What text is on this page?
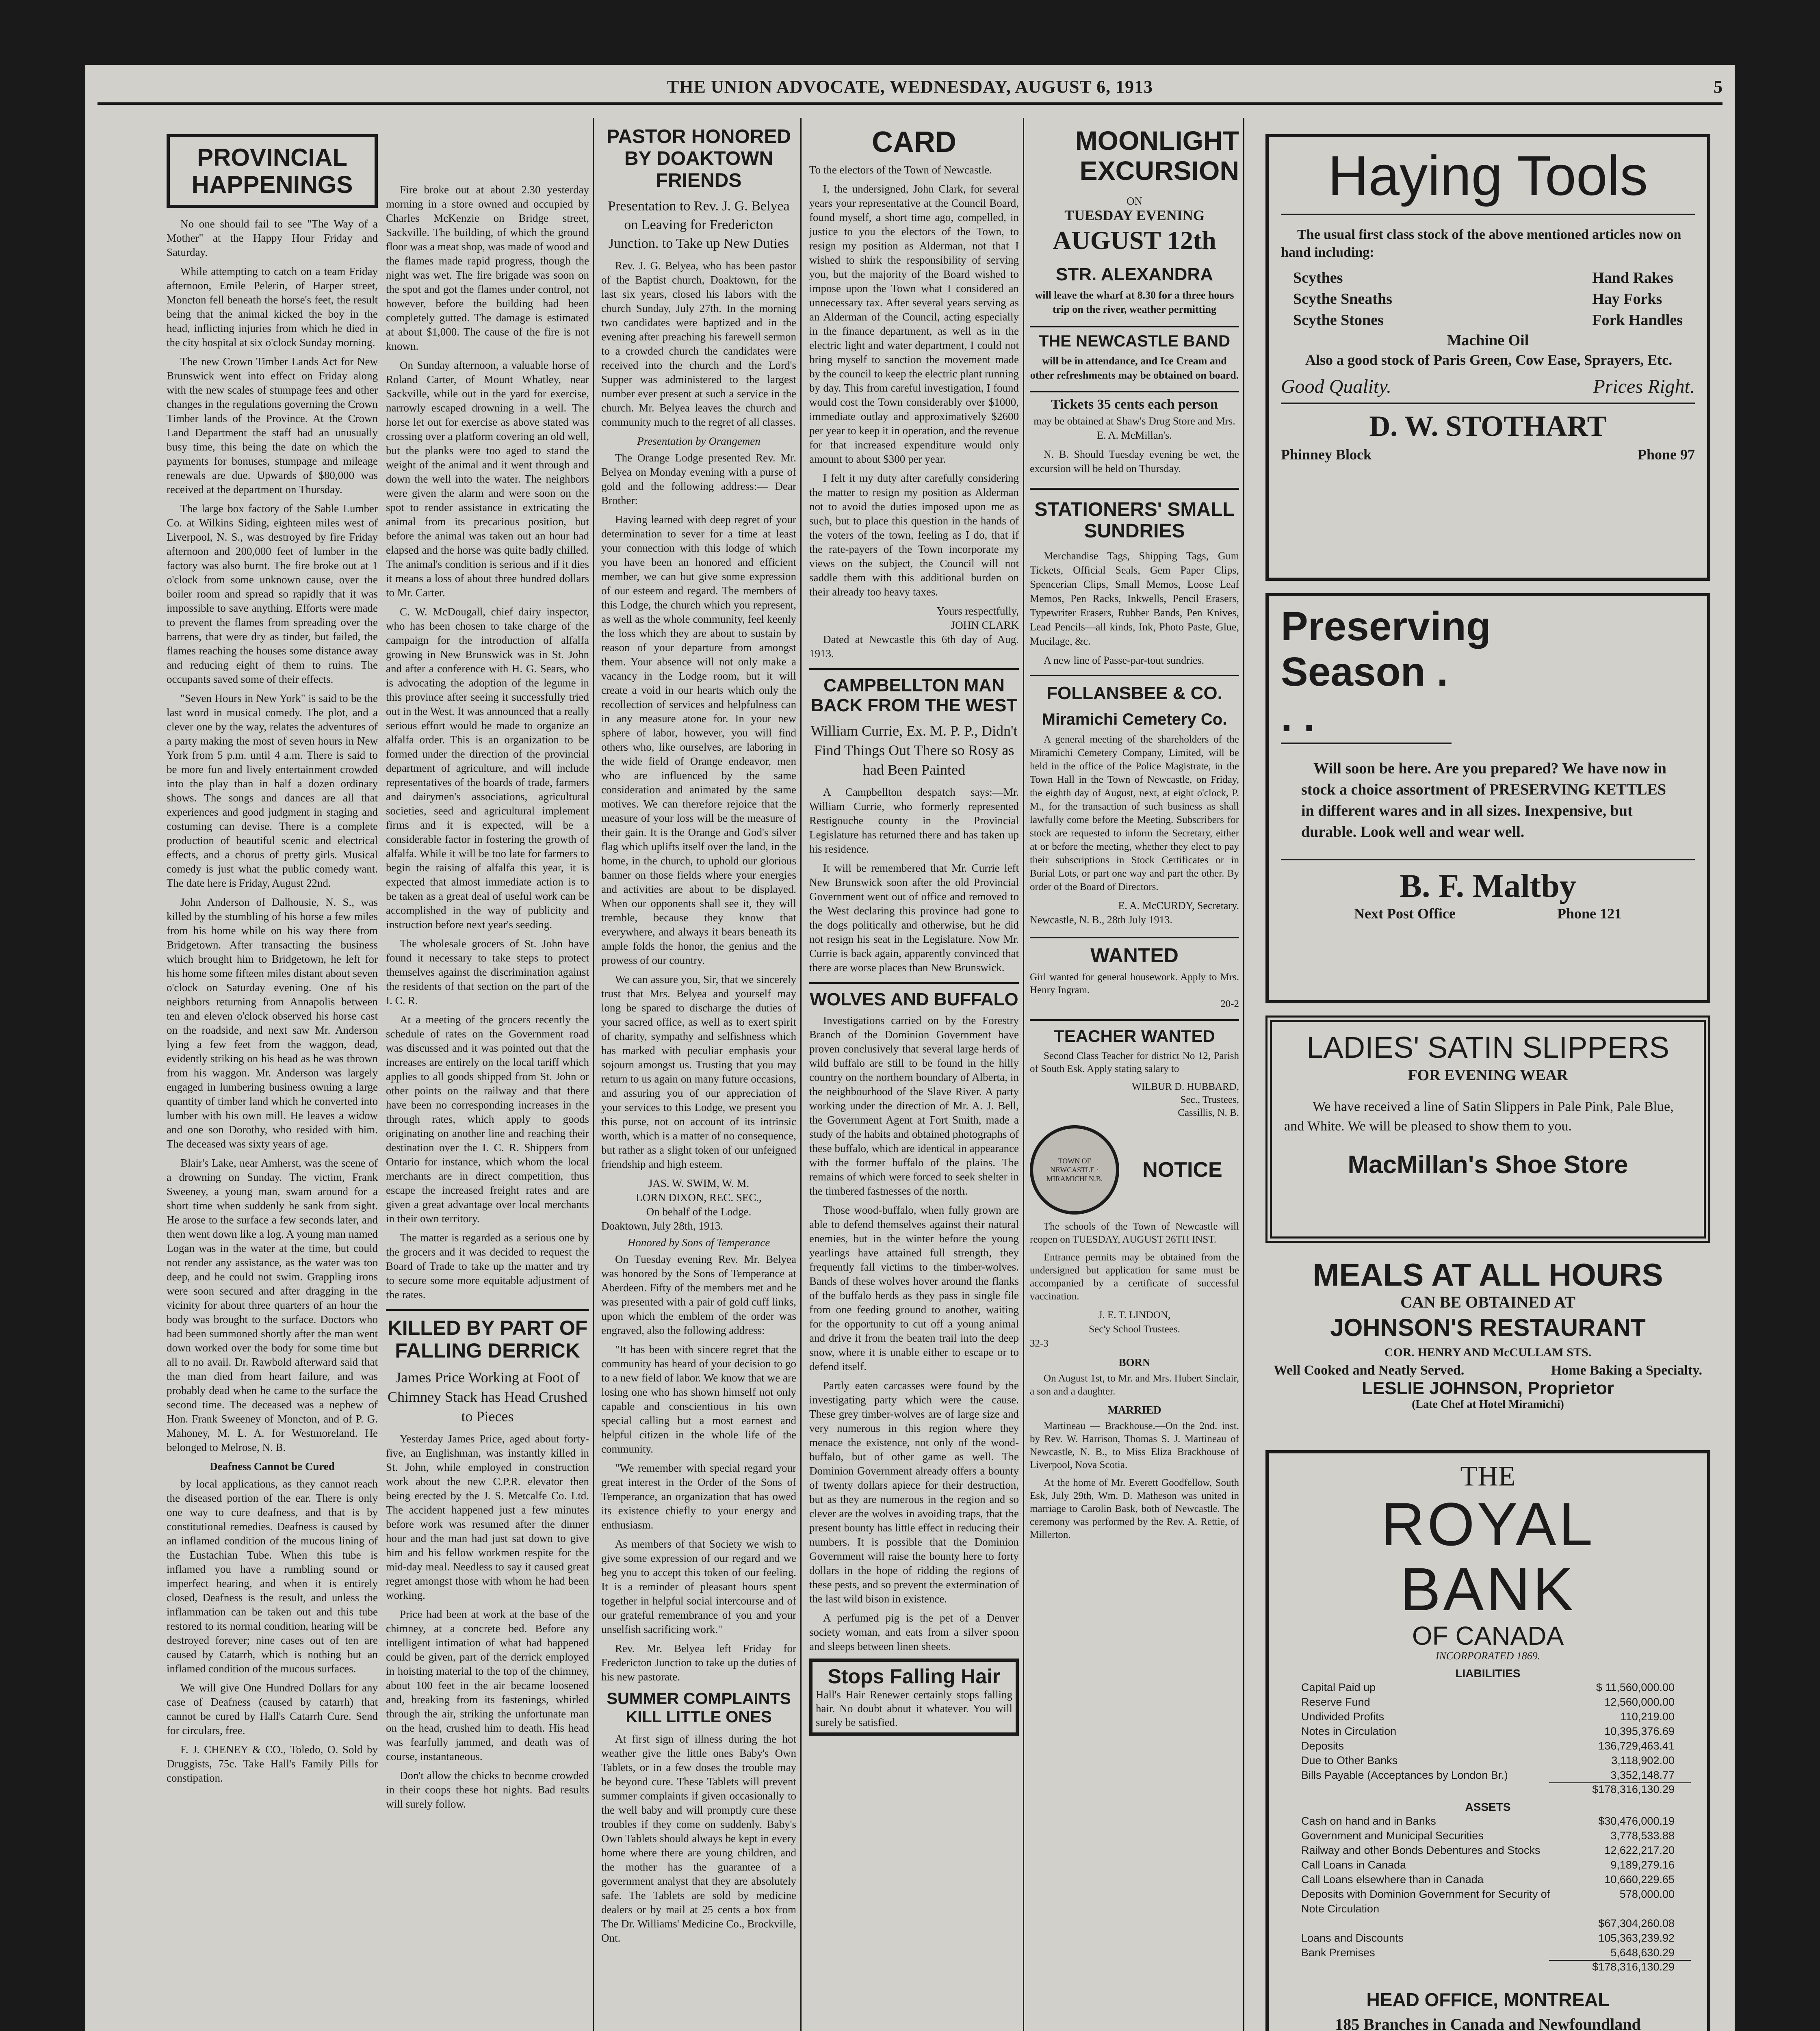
THE UNION ADVOCATE, WEDNESDAY, AUGUST 6, 1913	5
PROVINCIAL HAPPENINGS

No one should fail to see "The Way of a Mother" at the Happy Hour Friday and Saturday.

While attempting to catch on a team Friday afternoon, Emile Pelerin, of Harper street, Moncton fell beneath the horse's feet, the result being that the animal kicked the boy in the head, inflicting injuries from which he died in the city hospital at six o'clock Sunday morning.

The new Crown Timber Lands Act for New Brunswick went into effect on Friday along with the new scales of stumpage fees and other changes in the regulations governing the Crown Timber lands of the Province. At the Crown Land Department the staff had an unusually busy time, this being the date on which the payments for bonuses, stumpage and mileage renewals are due. Upwards of $80,000 was received at the department on Thursday.

The large box factory of the Sable Lumber Co. at Wilkins Siding, eighteen miles west of Liverpool, N. S., was destroyed by fire Friday afternoon and 200,000 feet of lumber in the factory was also burnt. The fire broke out at 1 o'clock from some unknown cause, over the boiler room and spread so rapidly that it was impossible to save anything. Efforts were made to prevent the flames from spreading over the barrens, that were dry as tinder, but failed, the flames reaching the houses some distance away and reducing eight of them to ruins. The occupants saved some of their effects.

"Seven Hours in New York" is said to be the last word in musical comedy. The plot, and a clever one by the way, relates the adventures of a party making the most of seven hours in New York from 5 p.m. until 4 a.m. There is said to be more fun and lively entertainment crowded into the play than in half a dozen ordinary shows. The songs and dances are all that experiences and good judgment in staging and costuming can devise. There is a complete production of beautiful scenic and electrical effects, and a chorus of pretty girls. Musical comedy is just what the public comedy want. The date here is Friday, August 22nd.

John Anderson of Dalhousie, N. S., was killed by the stumbling of his horse a few miles from his home while on his way there from Bridgetown. After transacting the business which brought him to Bridgetown, he left for his home some fifteen miles distant about seven o'clock on Saturday evening. One of his neighbors returning from Annapolis between ten and eleven o'clock observed his horse cast on the roadside, and next saw Mr. Anderson lying a few feet from the waggon, dead, evidently striking on his head as he was thrown from his waggon. Mr. Anderson was largely engaged in lumbering business owning a large quantity of timber land which he converted into lumber with his own mill. He leaves a widow and one son Dorothy, who resided with him. The deceased was sixty years of age.

Blair's Lake, near Amherst, was the scene of a drowning on Sunday. The victim, Frank Sweeney, a young man, swam around for a short time when suddenly he sank from sight. He arose to the surface a few seconds later, and then went down like a log. A young man named Logan was in the water at the time, but could not render any assistance, as the water was too deep, and he could not swim. Grappling irons were soon secured and after dragging in the vicinity for about three quarters of an hour the body was brought to the surface. Doctors who had been summoned shortly after the man went down worked over the body for some time but all to no avail. Dr. Rawbold afterward said that the man died from heart failure, and was probably dead when he came to the surface the second time. The deceased was a nephew of Hon. Frank Sweeney of Moncton, and of P. G. Mahoney, M. L. A. for Westmoreland. He belonged to Melrose, N. B.

Deafness Cannot be Cured

by local applications, as they cannot reach the diseased portion of the ear. There is only one way to cure deafness, and that is by constitutional remedies. Deafness is caused by an inflamed condition of the mucous lining of the Eustachian Tube. When this tube is inflamed you have a rumbling sound or imperfect hearing, and when it is entirely closed, Deafness is the result, and unless the inflammation can be taken out and this tube restored to its normal condition, hearing will be destroyed forever; nine cases out of ten are caused by Catarrh, which is nothing but an inflamed condition of the mucous surfaces.

We will give One Hundred Dollars for any case of Deafness (caused by catarrh) that cannot be cured by Hall's Catarrh Cure. Send for circulars, free.

F. J. CHENEY & CO., Toledo, O. Sold by Druggists, 75c. Take Hall's Family Pills for constipation.

Fire broke out at about 2.30 yesterday morning in a store owned and occupied by Charles McKenzie on Bridge street, Sackville. The building, of which the ground floor was a meat shop, was made of wood and the flames made rapid progress, though the night was wet. The fire brigade was soon on the spot and got the flames under control, not however, before the building had been completely gutted. The damage is estimated at about $1,000. The cause of the fire is not known.

On Sunday afternoon, a valuable horse of Roland Carter, of Mount Whatley, near Sackville, while out in the yard for exercise, narrowly escaped drowning in a well. The horse let out for exercise as above stated was crossing over a platform covering an old well, but the planks were too aged to stand the weight of the animal and it went through and down the well into the water. The neighbors were given the alarm and were soon on the spot to render assistance in extricating the animal from its precarious position, but before the animal was taken out an hour had elapsed and the horse was quite badly chilled. The animal's condition is serious and if it dies it means a loss of about three hundred dollars to Mr. Carter.

C. W. McDougall, chief dairy inspector, who has been chosen to take charge of the campaign for the introduction of alfalfa growing in New Brunswick was in St. John and after a conference with H. G. Sears, who is advocating the adoption of the legume in this province after seeing it successfully tried out in the West. It was announced that a really serious effort would be made to organize an alfalfa order. This is an organization to be formed under the direction of the provincial department of agriculture, and will include representatives of the boards of trade, farmers and dairymen's associations, agricultural societies, seed and agricultural implement firms and it is expected, will be a considerable factor in fostering the growth of alfalfa. While it will be too late for farmers to begin the raising of alfalfa this year, it is expected that almost immediate action is to be taken as a great deal of useful work can be accomplished in the way of publicity and instruction before next year's seeding.

The wholesale grocers of St. John have found it necessary to take steps to protect themselves against the discrimination against the residents of that section on the part of the I. C. R.

At a meeting of the grocers recently the schedule of rates on the Government road was discussed and it was pointed out that the increases are entirely on the local tariff which applies to all goods shipped from St. John or other points on the railway and that there have been no corresponding increases in the through rates, which apply to goods originating on another line and reaching their destination over the I. C. R. Shippers from Ontario for instance, which whom the local merchants are in direct competition, thus escape the increased freight rates and are given a great advantage over local merchants in their own territory.

The matter is regarded as a serious one by the grocers and it was decided to request the Board of Trade to take up the matter and try to secure some more equitable adjustment of the rates.

KILLED BY PART OF FALLING DERRICK
James Price Working at Foot of Chimney Stack has Head Crushed to Pieces

Yesterday James Price, aged about forty-five, an Englishman, was instantly killed in St. John, while employed in construction work about the new C.P.R. elevator then being erected by the J. S. Metcalfe Co. Ltd. The accident happened just a few minutes before work was resumed after the dinner hour and the man had just sat down to give him and his fellow workmen respite for the mid-day meal. Needless to say it caused great regret amongst those with whom he had been working.

Price had been at work at the base of the chimney, at a concrete bed. Before any intelligent intimation of what had happened could be given, part of the derrick employed in hoisting material to the top of the chimney, about 100 feet in the air became loosened and, breaking from its fastenings, whirled through the air, striking the unfortunate man on the head, crushed him to death. His head was fearfully jammed, and death was of course, instantaneous.

Don't allow the chicks to become crowded in their coops these hot nights. Bad results will surely follow.

PASTOR HONORED BY DOAKTOWN FRIENDS
Presentation to Rev. J. G. Belyea on Leaving for Fredericton Junction. to Take up New Duties

Rev. J. G. Belyea, who has been pastor of the Baptist church, Doaktown, for the last six years, closed his labors with the church Sunday, July 27th. In the morning two candidates were baptized and in the evening after preaching his farewell sermon to a crowded church the candidates were received into the church and the Lord's Supper was administered to the largest number ever present at such a service in the church. Mr. Belyea leaves the church and community much to the regret of all classes.

Presentation by Orangemen

The Orange Lodge presented Rev. Mr. Belyea on Monday evening with a purse of gold and the following address:— Dear Brother:

Having learned with deep regret of your determination to sever for a time at least your connection with this lodge of which you have been an honored and efficient member, we can but give some expression of our esteem and regard. The members of this Lodge, the church which you represent, as well as the whole community, feel keenly the loss which they are about to sustain by reason of your departure from amongst them. Your absence will not only make a vacancy in the Lodge room, but it will create a void in our hearts which only the recollection of services and helpfulness can in any measure atone for. In your new sphere of labor, however, you will find others who, like ourselves, are laboring in the wide field of Orange endeavor, men who are influenced by the same consideration and animated by the same motives. We can therefore rejoice that the measure of your loss will be the measure of their gain. It is the Orange and God's silver flag which uplifts itself over the land, in the home, in the church, to uphold our glorious banner on those fields where your energies and activities are about to be displayed. When our opponents shall see it, they will tremble, because they know that everywhere, and always it bears beneath its ample folds the honor, the genius and the prowess of our country.

We can assure you, Sir, that we sincerely trust that Mrs. Belyea and yourself may long be spared to discharge the duties of your sacred office, as well as to exert spirit of charity, sympathy and selfishness which has marked with peculiar emphasis your sojourn amongst us. Trusting that you may return to us again on many future occasions, and assuring you of our appreciation of your services to this Lodge, we present you this purse, not on account of its intrinsic worth, which is a matter of no consequence, but rather as a slight token of our unfeigned friendship and high esteem.

JAS. W. SWIM, W. M.
LORN DIXON, REC. SEC.,
On behalf of the Lodge.
Doaktown, July 28th, 1913.
Honored by Sons of Temperance

On Tuesday evening Rev. Mr. Belyea was honored by the Sons of Temperance at Aberdeen. Fifty of the members met and he was presented with a pair of gold cuff links, upon which the emblem of the order was engraved, also the following address:

"It has been with sincere regret that the community has heard of your decision to go to a new field of labor. We know that we are losing one who has shown himself not only capable and conscientious in his own special calling but a most earnest and helpful citizen in the whole life of the community.

"We remember with special regard your great interest in the Order of the Sons of Temperance, an organization that has owed its existence chiefly to your energy and enthusiasm.

As members of that Society we wish to give some expression of our regard and we beg you to accept this token of our feeling. It is a reminder of pleasant hours spent together in helpful social intercourse and of our grateful remembrance of you and your unselfish sacrificing work."

Rev. Mr. Belyea left Friday for Fredericton Junction to take up the duties of his new pastorate.

SUMMER COMPLAINTS KILL LITTLE ONES

At first sign of illness during the hot weather give the little ones Baby's Own Tablets, or in a few doses the trouble may be beyond cure. These Tablets will prevent summer complaints if given occasionally to the well baby and will promptly cure these troubles if they come on suddenly. Baby's Own Tablets should always be kept in every home where there are young children, and the mother has the guarantee of a government analyst that they are absolutely safe. The Tablets are sold by medicine dealers or by mail at 25 cents a box from The Dr. Williams' Medicine Co., Brockville, Ont.

CARD

To the electors of the Town of Newcastle.

I, the undersigned, John Clark, for several years your representative at the Council Board, found myself, a short time ago, compelled, in justice to you the electors of the Town, to resign my position as Alderman, not that I wished to shirk the responsibility of serving you, but the majority of the Board wished to impose upon the Town what I considered an unnecessary tax. After several years serving as an Alderman of the Council, acting especially in the finance department, as well as in the electric light and water department, I could not bring myself to sanction the movement made by the council to keep the electric plant running by day. This from careful investigation, I found would cost the Town considerably over $1000, immediate outlay and approximatively $2600 per year to keep it in operation, and the revenue for that increased expenditure would only amount to about $300 per year.

I felt it my duty after carefully considering the matter to resign my position as Alderman not to avoid the duties imposed upon me as such, but to place this question in the hands of the voters of the town, feeling as I do, that if the rate-payers of the Town incorporate my views on the subject, the Council will not saddle them with this additional burden on their already too heavy taxes.

Yours respectfully,
JOHN CLARK

Dated at Newcastle this 6th day of Aug. 1913.

CAMPBELLTON MAN BACK FROM THE WEST
William Currie, Ex. M. P. P., Didn't Find Things Out There so Rosy as had Been Painted

A Campbellton despatch says:—Mr. William Currie, who formerly represented Restigouche county in the Provincial Legislature has returned there and has taken up his residence.

It will be remembered that Mr. Currie left New Brunswick soon after the old Provincial Government went out of office and removed to the West declaring this province had gone to the dogs politically and otherwise, but he did not resign his seat in the Legislature. Now Mr. Currie is back again, apparently convinced that there are worse places than New Brunswick.

WOLVES AND BUFFALO

Investigations carried on by the Forestry Branch of the Dominion Government have proven conclusively that several large herds of wild buffalo are still to be found in the hilly country on the northern boundary of Alberta, in the neighbourhood of the Slave River. A party working under the direction of Mr. A. J. Bell, the Government Agent at Fort Smith, made a study of the habits and obtained photographs of these buffalo, which are identical in appearance with the former buffalo of the plains. The remains of which were forced to seek shelter in the timbered fastnesses of the north.

Those wood-buffalo, when fully grown are able to defend themselves against their natural enemies, but in the winter before the young yearlings have attained full strength, they frequently fall victims to the timber-wolves. Bands of these wolves hover around the flanks of the buffalo herds as they pass in single file from one feeding ground to another, waiting for the opportunity to cut off a young animal and drive it from the beaten trail into the deep snow, where it is unable either to escape or to defend itself.

Partly eaten carcasses were found by the investigating party which were the cause. These grey timber-wolves are of large size and very numerous in this region where they menace the existence, not only of the wood-buffalo, but of other game as well. The Dominion Government already offers a bounty of twenty dollars apiece for their destruction, but as they are numerous in the region and so clever are the wolves in avoiding traps, that the present bounty has little effect in reducing their numbers. It is possible that the Dominion Government will raise the bounty here to forty dollars in the hope of ridding the regions of these pests, and so prevent the extermination of the last wild bison in existence.

A perfumed pig is the pet of a Denver society woman, and eats from a silver spoon and sleeps between linen sheets.

Stops Falling Hair
Hall's Hair Renewer certainly stops falling hair. No doubt about it whatever. You will surely be satisfied.
MOONLIGHT EXCURSION
ON
TUESDAY EVENING
AUGUST 12th
STR. ALEXANDRA
will leave the wharf at 8.30 for a three hours trip on the river, weather permitting
THE NEWCASTLE BAND
will be in attendance, and Ice Cream and other refreshments may be obtained on board.
Tickets 35 cents each person
may be obtained at Shaw's Drug Store and Mrs. E. A. McMillan's.

N. B. Should Tuesday evening be wet, the excursion will be held on Thursday.

STATIONERS' SMALL SUNDRIES

Merchandise Tags, Shipping Tags, Gum Tickets, Official Seals, Gem Paper Clips, Spencerian Clips, Small Memos, Loose Leaf Memos, Pen Racks, Inkwells, Pencil Erasers, Typewriter Erasers, Rubber Bands, Pen Knives, Lead Pencils—all kinds, Ink, Photo Paste, Glue, Mucilage, &c.

A new line of Passe-par-tout sundries.

FOLLANSBEE & CO.
Miramichi Cemetery Co.

A general meeting of the shareholders of the Miramichi Cemetery Company, Limited, will be held in the office of the Police Magistrate, in the Town Hall in the Town of Newcastle, on Friday, the eighth day of August, next, at eight o'clock, P. M., for the transaction of such business as shall lawfully come before the Meeting. Subscribers for stock are requested to inform the Secretary, either at or before the meeting, whether they elect to pay their subscriptions in Stock Certificates or in Burial Lots, or part one way and part the other. By order of the Board of Directors.

E. A. McCURDY, Secretary.
Newcastle, N. B., 28th July 1913.
WANTED
Girl wanted for general housework. Apply to Mrs. Henry Ingram.
20-2
TEACHER WANTED

Second Class Teacher for district No 12, Parish of South Esk. Apply stating salary to

WILBUR D. HUBBARD,
Sec., Trustees,
Cassillis, N. B.
TOWN OF NEWCASTLE · MIRAMICHI N.B.	NOTICE

The schools of the Town of Newcastle will reopen on TUESDAY, AUGUST 26TH INST.

Entrance permits may be obtained from the undersigned but application for same must be accompanied by a certificate of successful vaccination.

J. E. T. LINDON,
Sec'y School Trustees.
32-3
BORN

On August 1st, to Mr. and Mrs. Hubert Sinclair, a son and a daughter.

MARRIED

Martineau — Brackhouse.—On the 2nd. inst. by Rev. W. Harrison, Thomas S. J. Martineau of Newcastle, N. B., to Miss Eliza Brackhouse of Liverpool, Nova Scotia.

At the home of Mr. Everett Goodfellow, South Esk, July 29th, Wm. D. Matheson was united in marriage to Carolin Bask, both of Newcastle. The ceremony was performed by the Rev. A. Rettie, of Millerton.

Haying Tools
The usual first class stock of the above mentioned articles now on hand including:
Scythes
Scythe Sneaths
Scythe Stones
Hand Rakes
Hay Forks
Fork Handles
Machine Oil
Also a good stock of Paris Green, Cow Ease, Sprayers, Etc.
Good Quality.	Prices Right.
D. W. STOTHART
Phinney Block	Phone 97
Preserving
Season . . .
Will soon be here. Are you prepared? We have now in stock a choice assortment of PRESERVING KETTLES in different wares and in all sizes. Inexpensive, but durable. Look well and wear well.
B. F. Maltby
Next Post Office	Phone 121
LADIES' SATIN SLIPPERS
FOR EVENING WEAR
We have received a line of Satin Slippers in Pale Pink, Pale Blue, and White. We will be pleased to show them to you.
MacMillan's Shoe Store
MEALS AT ALL HOURS
CAN BE OBTAINED AT
JOHNSON'S RESTAURANT
COR. HENRY AND McCULLAM STS.
Well Cooked and Neatly Served.	Home Baking a Specialty.
LESLIE JOHNSON, Proprietor
(Late Chef at Hotel Miramichi)
THE
ROYAL BANK
OF CANADA
INCORPORATED 1869.
LIABILITIES
Capital Paid up	$ 11,560,000.00
Reserve Fund	12,560,000.00
Undivided Profits	110,219.00
Notes in Circulation	10,395,376.69
Deposits	136,729,463.41
Due to Other Banks	3,118,902.00
Bills Payable (Acceptances by London Br.)	3,352,148.77
$178,316,130.29
ASSETS
Cash on hand and in Banks	$30,476,000.19
Government and Municipal Securities	3,778,533.88
Railway and other Bonds Debentures and Stocks	12,622,217.20
Call Loans in Canada	9,189,279.16
Call Loans elsewhere than in Canada	10,660,229.65
Deposits with Dominion Government for Security of Note Circulation
578,000.00
$67,304,260.08
Loans and Discounts	105,363,239.92
Bank Premises	5,648,630.29
$178,316,130.29
HEAD OFFICE, MONTREAL
185 Branches in Canada and Newfoundland
